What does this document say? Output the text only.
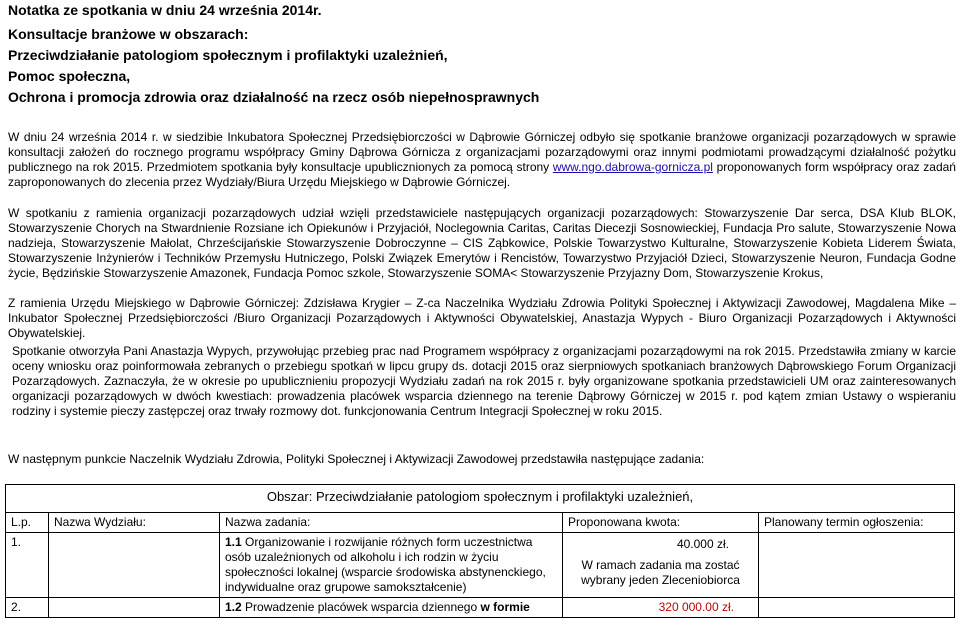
Notatka ze spotkania w dniu 24 września 2014r.

Konsultacje branżowe w obszarach:

Przeciwdziałanie patologiom społecznym i profilaktyki uzależnień,

Pomoc społeczna,

Ochrona i promocja zdrowia oraz działalność na rzecz osób niepełnosprawnych

W dniu 24 września 2014 r. w siedzibie Inkubatora Społecznej Przedsiębiorczości w Dąbrowie Górniczej odbyło się spotkanie branżowe organizacji pozarządowych w sprawie konsultacji założeń do rocznego programu współpracy Gminy Dąbrowa Górnicza z organizacjami pozarządowymi oraz innymi podmiotami prowadzącymi działalność pożytku publicznego na rok 2015. Przedmiotem spotkania były konsultacje upublicznionych za pomocą strony www.ngo.dabrowa-gornicza.pl proponowanych form współpracy oraz zadań zaproponowanych do zlecenia przez Wydziały/Biura Urzędu Miejskiego w Dąbrowie Górniczej.

W spotkaniu z ramienia organizacji pozarządowych udział wzięli przedstawiciele następujących organizacji pozarządowych: Stowarzyszenie Dar serca, DSA Klub BLOK, Stowarzyszenie Chorych na Stwardnienie Rozsiane ich Opiekunów i Przyjaciół, Noclegownia Caritas, Caritas Diecezji Sosnowieckiej, Fundacja Pro salute, Stowarzyszenie Nowa nadzieja, Stowarzyszenie Małolat, Chrześcijańskie Stowarzyszenie Dobroczynne – CIS Ząbkowice, Polskie Towarzystwo Kulturalne, Stowarzyszenie Kobieta Liderem Świata, Stowarzyszenie Inżynierów i Techników Przemysłu Hutniczego, Polski Związek Emerytów i Rencistów, Towarzystwo Przyjaciół Dzieci, Stowarzyszenie Neuron, Fundacja Godne życie, Będzińskie Stowarzyszenie Amazonek, Fundacja Pomoc szkole, Stowarzyszenie SOMA< Stowarzyszenie Przyjazny Dom, Stowarzyszenie Krokus,

Z ramienia Urzędu Miejskiego w Dąbrowie Górniczej: Zdzisława Krygier – Z-ca Naczelnika Wydziału Zdrowia Polityki Społecznej i Aktywizacji Zawodowej, Magdalena Mike – Inkubator Społecznej Przedsiębiorczości /Biuro Organizacji Pozarządowych i Aktywności Obywatelskiej, Anastazja Wypych - Biuro Organizacji Pozarządowych i Aktywności Obywatelskiej.

Spotkanie otworzyła Pani Anastazja Wypych, przywołując przebieg prac nad Programem współpracy z organizacjami pozarządowymi na rok 2015. Przedstawiła zmiany w karcie oceny wniosku oraz poinformowała zebranych o przebiegu spotkań w lipcu grupy ds. dotacji 2015 oraz sierpniowych spotkaniach branżowych Dąbrowskiego Forum Organizacji Pozarządowych. Zaznaczyła, że w okresie po upublicznieniu propozycji Wydziału zadań na rok 2015 r. były organizowane spotkania przedstawicieli UM oraz zainteresowanych organizacji pozarządowych w dwóch kwestiach: prowadzenia placówek wsparcia dziennego na terenie Dąbrowy Górniczej w 2015 r. pod kątem zmian Ustawy o wspieraniu rodziny i systemie pieczy zastępczej oraz trwały rozmowy dot. funkcjonowania Centrum Integracji Społecznej w roku 2015.

W następnym punkcie Naczelnik Wydziału Zdrowia, Polityki Społecznej i Aktywizacji Zawodowej przedstawiła następujące zadania:

Obszar: Przeciwdziałanie patologiom społecznym i profilaktyki uzależnień,				
L.p.	Nazwa Wydziału:	Nazwa zadania:	Proponowana kwota:	Planowany termin ogłoszenia:
1.		1.1 Organizowanie i rozwijanie różnych form uczestnictwa osób uzależnionych od alkoholu i ich rodzin w życiu społeczności lokalnej (wsparcie środowiska abstynenckiego, indywidualne oraz grupowe samokształcenie)	40.000 zł.
W ramach zadania ma zostać wybrany jeden Zleceniobiorca	

2.		1.2 Prowadzenie placówek wsparcia dziennego w formie	320 000.00 zł.	
